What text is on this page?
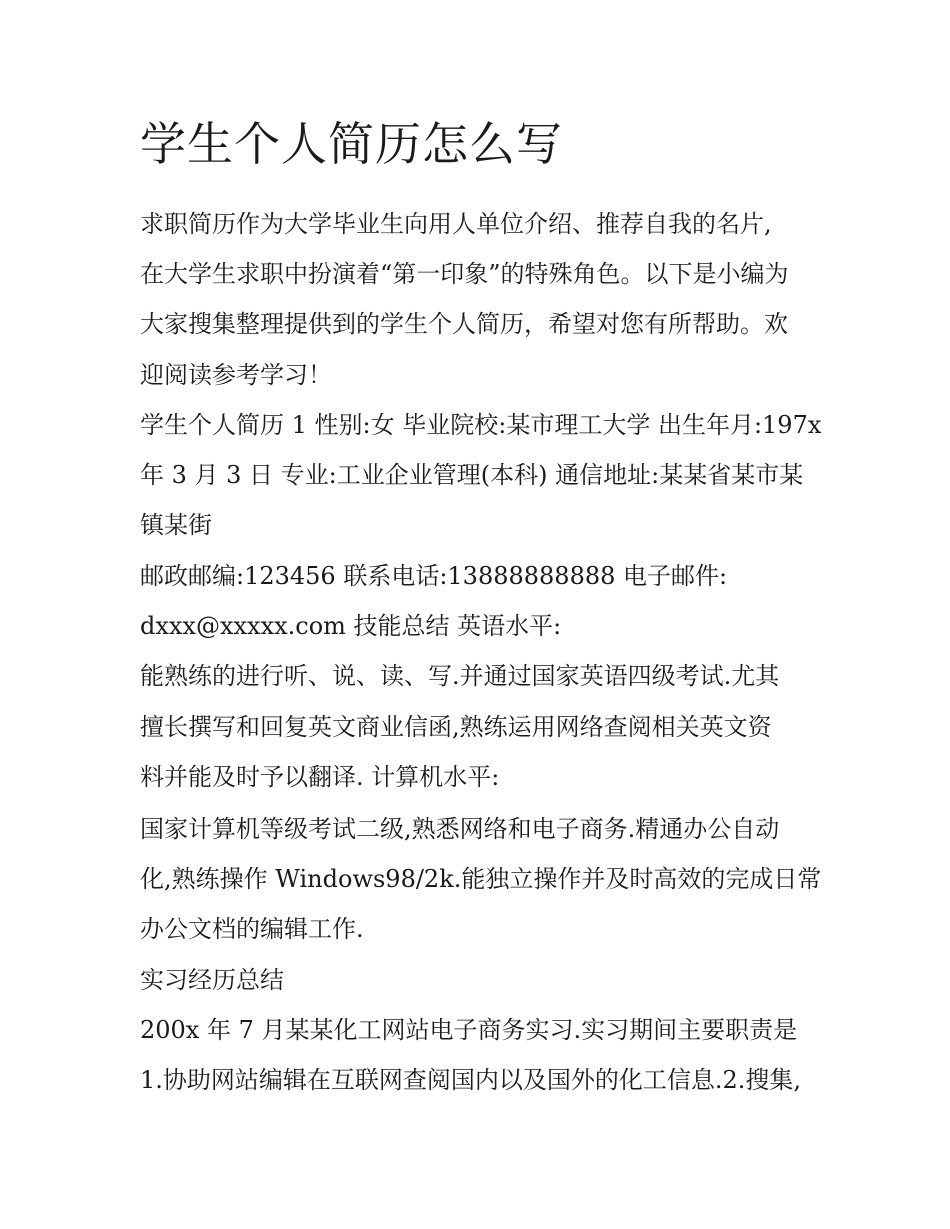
学生个人简历怎么写

求职简历作为大学毕业生向用人单位介绍、推荐自我的名片,

在大学生求职中扮演着“第一印象”的特殊角色。以下是小编为

大家搜集整理提供到的学生个人简历，希望对您有所帮助。欢

迎阅读参考学习！

学生个人简历 1 性别:女 毕业院校:某市理工大学 出生年月:197x

年 3 月 3 日 专业:工业企业管理(本科) 通信地址:某某省某市某

镇某街

邮政邮编:123456 联系电话:13888888888 电子邮件:

dxxx@xxxxx.com 技能总结 英语水平:

能熟练的进行听、说、读、写.并通过国家英语四级考试.尤其

擅长撰写和回复英文商业信函,熟练运用网络查阅相关英文资

料并能及时予以翻译. 计算机水平:

国家计算机等级考试二级,熟悉网络和电子商务.精通办公自动

化,熟练操作 Windows98/2k.能独立操作并及时高效的完成日常

办公文档的编辑工作.

实习经历总结

200x 年 7 月某某化工网站电子商务实习.实习期间主要职责是

1.协助网站编辑在互联网查阅国内以及国外的化工信息.2.搜集,
